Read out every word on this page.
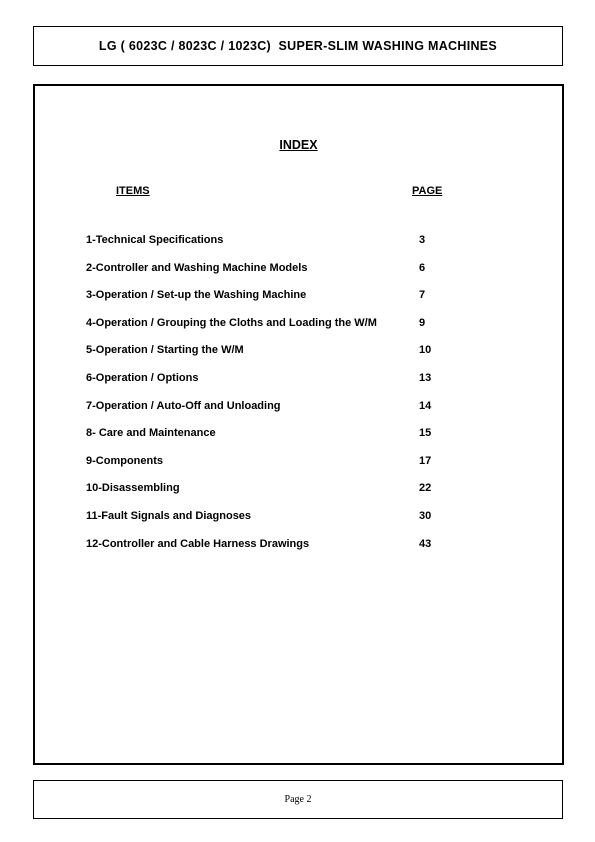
LG ( 6023C / 8023C / 1023C)  SUPER-SLIM WASHING MACHINES
INDEX
ITEMS	PAGE
1-Technical Specifications	3
2-Controller and Washing Machine Models	6
3-Operation / Set-up the Washing Machine	7
4-Operation / Grouping the Cloths and Loading the W/M	9
5-Operation / Starting the W/M	10
6-Operation / Options	13
7-Operation / Auto-Off and Unloading	14
8- Care and Maintenance	15
9-Components	17
10-Disassembling	22
11-Fault Signals and Diagnoses	30
12-Controller and Cable Harness Drawings	43
Page 2
